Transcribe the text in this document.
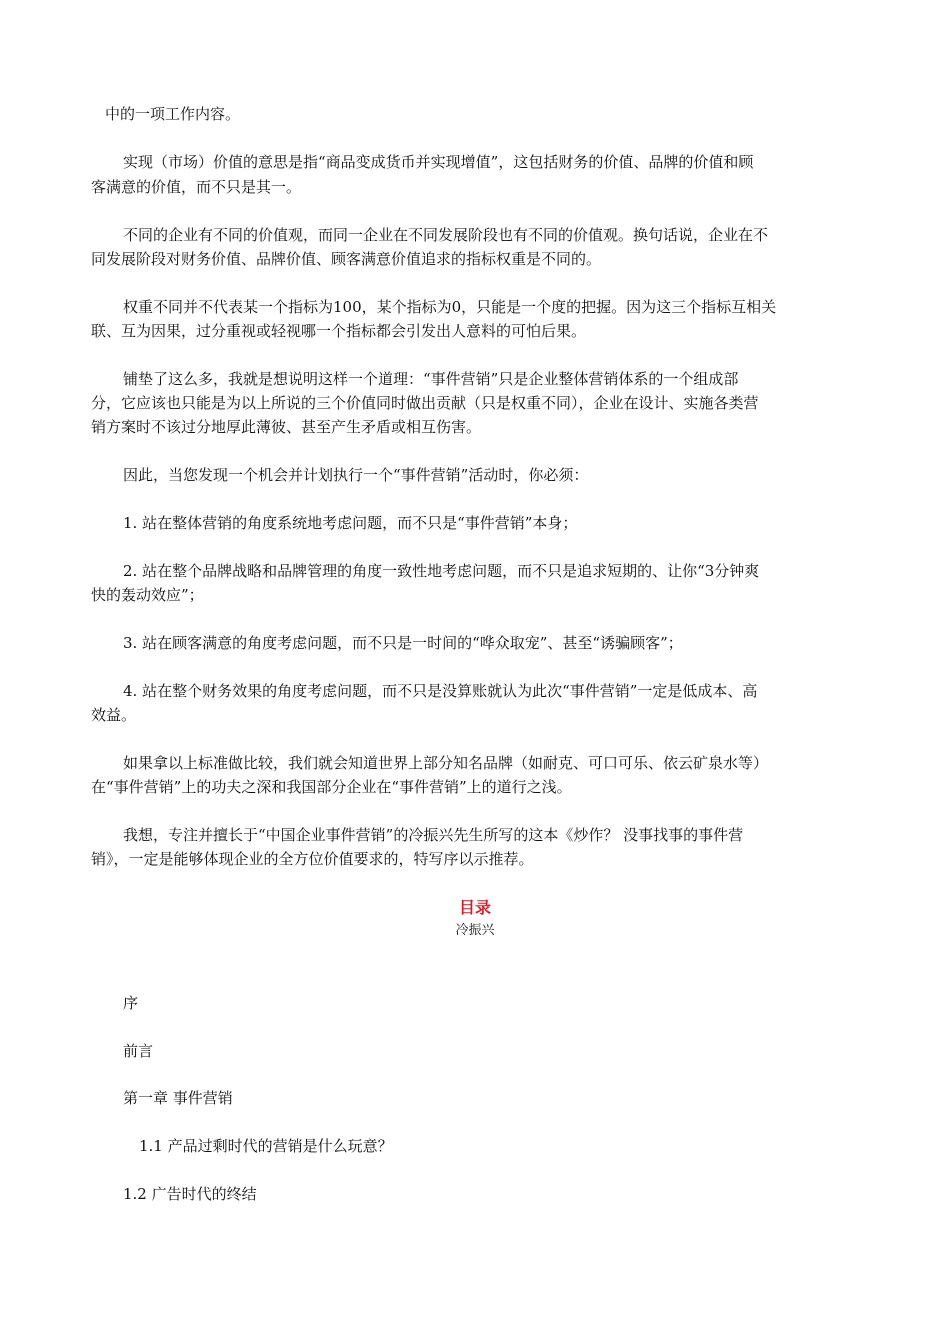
中的一项工作内容。
实现（市场）价值的意思是指“商品变成货币并实现增值”，这包括财务的价值、品牌的价值和顾
客满意的价值，而不只是其一。
不同的企业有不同的价值观，而同一企业在不同发展阶段也有不同的价值观。换句话说，企业在不
同发展阶段对财务价值、品牌价值、顾客满意价值追求的指标权重是不同的。
权重不同并不代表某一个指标为100，某个指标为0，只能是一个度的把握。因为这三个指标互相关
联、互为因果，过分重视或轻视哪一个指标都会引发出人意料的可怕后果。
铺垫了这么多，我就是想说明这样一个道理：“事件营销”只是企业整体营销体系的一个组成部
分，它应该也只能是为以上所说的三个价值同时做出贡献（只是权重不同），企业在设计、实施各类营
销方案时不该过分地厚此薄彼、甚至产生矛盾或相互伤害。
因此，当您发现一个机会并计划执行一个“事件营销”活动时，你必须：
1. 站在整体营销的角度系统地考虑问题，而不只是“事件营销”本身；
2. 站在整个品牌战略和品牌管理的角度一致性地考虑问题，而不只是追求短期的、让你“3分钟爽
快的轰动效应”；
3. 站在顾客满意的角度考虑问题，而不只是一时间的“哗众取宠”、甚至“诱骗顾客”；
4. 站在整个财务效果的角度考虑问题，而不只是没算账就认为此次“事件营销”一定是低成本、高
效益。
如果拿以上标准做比较，我们就会知道世界上部分知名品牌（如耐克、可口可乐、依云矿泉水等）
在“事件营销”上的功夫之深和我国部分企业在“事件营销”上的道行之浅。
我想，专注并擅长于“中国企业事件营销”的冷振兴先生所写的这本《炒作？ 没事找事的事件营
销》，一定是能够体现企业的全方位价值要求的，特写序以示推荐。
目录
冷振兴
序
前言
第一章 事件营销
1.1 产品过剩时代的营销是什么玩意？
1.2 广告时代的终结
